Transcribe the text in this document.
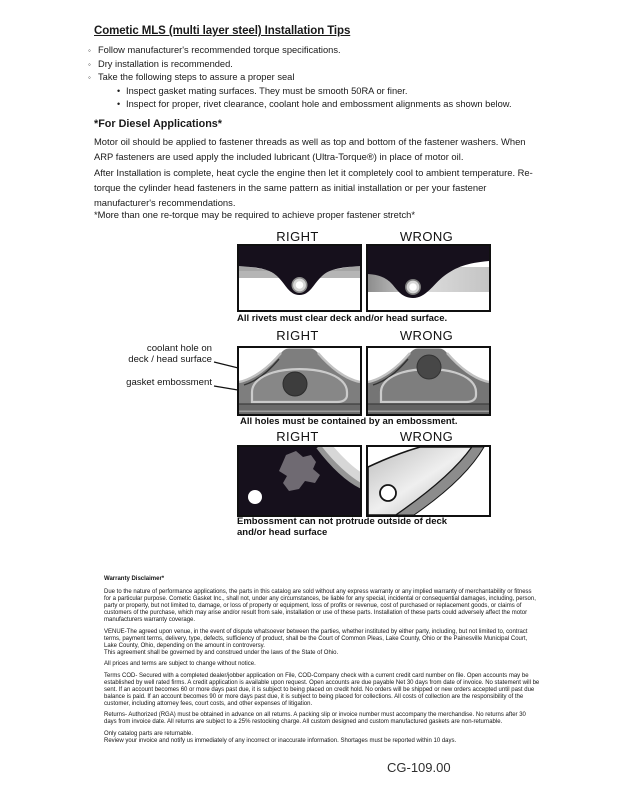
Cometic MLS (multi layer steel) Installation Tips
◦ Follow manufacturer's recommended torque specifications.
◦ Dry installation is recommended.
◦ Take the following steps to assure a proper seal
• Inspect gasket mating surfaces. They must be smooth 50RA or finer.
• Inspect for proper, rivet clearance, coolant hole and embossment alignments as shown below.
*For Diesel Applications*
Motor oil should be applied to fastener threads as well as top and bottom of the fastener washers. When ARP fasteners are used apply the included lubricant (Ultra-Torque®) in place of motor oil.
After Installation is complete, heat cycle the engine then let it completely cool to ambient temperature. Re-torque the cylinder head fasteners in the same pattern as initial installation or per your fastener manufacturer's recommendations.
*More than one re-torque may be required to achieve proper fastener stretch*
RIGHT	WRONG
All rivets must clear deck and/or head surface.
RIGHT	WRONG
coolant hole on
deck / head surface
gasket embossment
All holes must be contained by an embossment.
RIGHT	WRONG
Embossment can not protrude outside of deck
and/or head surface

Warranty Disclaimer*

Due to the nature of performance applications, the parts in this catalog are sold without any express warranty or any implied warranty of merchantability or fitness for a particular purpose. Cometic Gasket Inc., shall not, under any circumstances, be liable for any special, incidental or consequential damages, including, person, party or property, but not limited to, damage, or loss of property or equipment, loss of profits or revenue, cost of purchased or replacement goods, or claims of customers of the purchase, which may arise and/or result from sale, installation or use of these parts. Installation of these parts could adversely affect the motor manufacturers warranty coverage.

VENUE-The agreed upon venue, in the event of dispute whatsoever between the parties, whether instituted by either party, including, but not limited to, contract terms, payment terms, delivery, type, defects, sufficiency of product, shall be the Court of Common Pleas, Lake County, Ohio or the Painesville Municipal Court, Lake County, Ohio, depending on the amount in controversy.
This agreement shall be governed by and construed under the laws of the State of Ohio.

All prices and terms are subject to change without notice.

Terms COD- Secured with a completed dealer/jobber application on File, COD-Company check with a current credit card number on file. Open accounts may be established by well rated firms. A credit application is available upon request. Open accounts are due payable Net 30 days from date of invoice. No statement will be sent. If an account becomes 60 or more days past due, it is subject to being placed on credit hold. No orders will be shipped or new orders accepted until past due balance is paid. If an account becomes 90 or more days past due, it is subject to being placed for collections. All costs of collection are the responsibility of the customer, including attorney fees, court costs, and other expenses of litigation.

Returns- Authorized (RGA) must be obtained in advance on all returns. A packing slip or invoice number must accompany the merchandise. No returns after 30 days from invoice date. All returns are subject to a 25% restocking charge. All custom designed and custom manufactured gaskets are non-returnable.

Only catalog parts are returnable.
Review your invoice and notify us immediately of any incorrect or inaccurate information. Shortages must be reported within 10 days.

CG-109.00
